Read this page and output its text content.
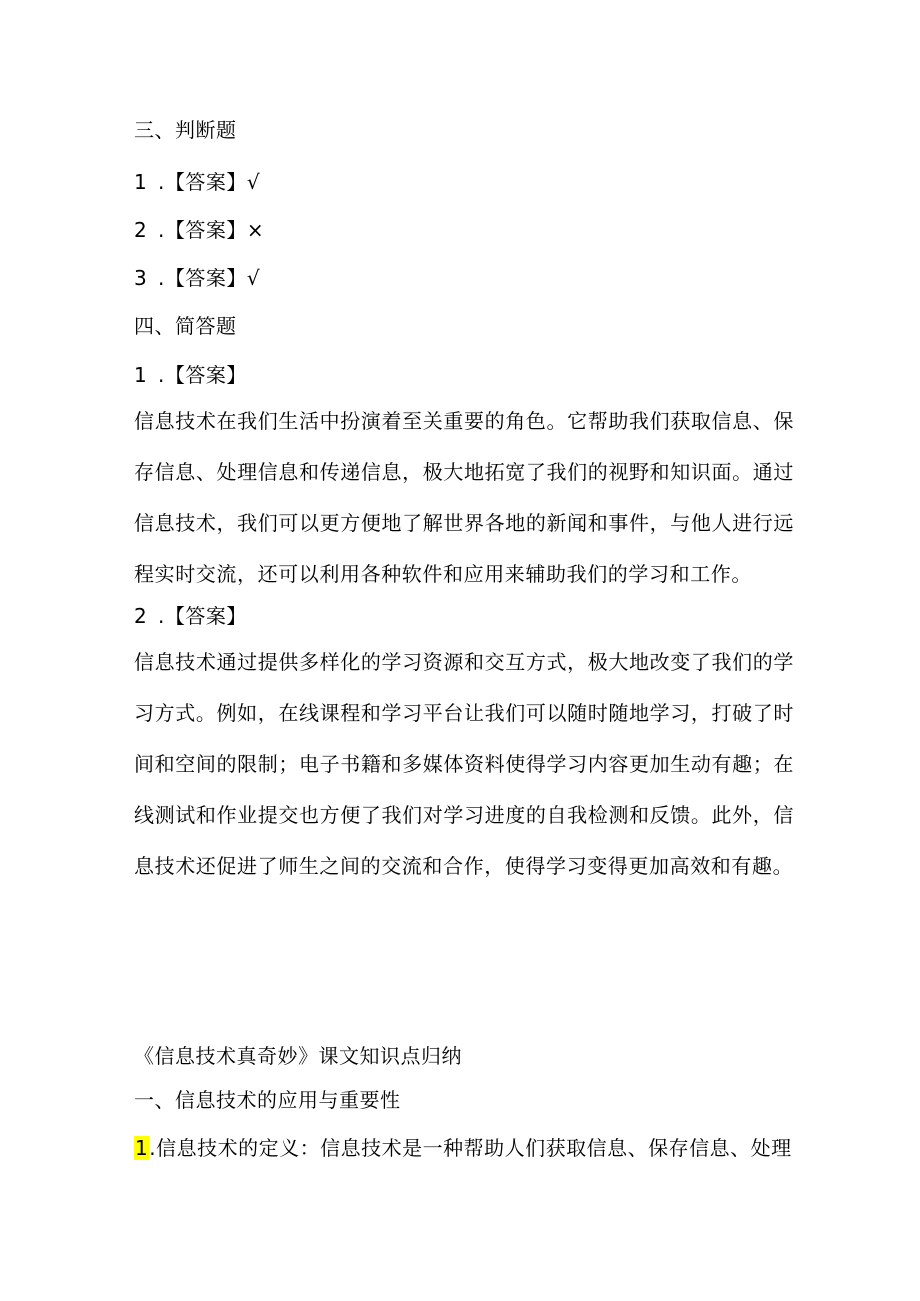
三、判断题
1 .【答案】√
2 .【答案】×
3 .【答案】√
四、简答题
1 .【答案】
信息技术在我们生活中扮演着至关重要的角色。它帮助我们获取信息、保存信息、处理信息和传递信息，极大地拓宽了我们的视野和知识面。通过信息技术，我们可以更方便地了解世界各地的新闻和事件，与他人进行远程实时交流，还可以利用各种软件和应用来辅助我们的学习和工作。
2 .【答案】
信息技术通过提供多样化的学习资源和交互方式，极大地改变了我们的学习方式。例如，在线课程和学习平台让我们可以随时随地学习，打破了时间和空间的限制；电子书籍和多媒体资料使得学习内容更加生动有趣；在线测试和作业提交也方便了我们对学习进度的自我检测和反馈。此外，信息技术还促进了师生之间的交流和合作，使得学习变得更加高效和有趣。
《信息技术真奇妙》课文知识点归纳
一、信息技术的应用与重要性
1.信息技术的定义：信息技术是一种帮助人们获取信息、保存信息、处理
